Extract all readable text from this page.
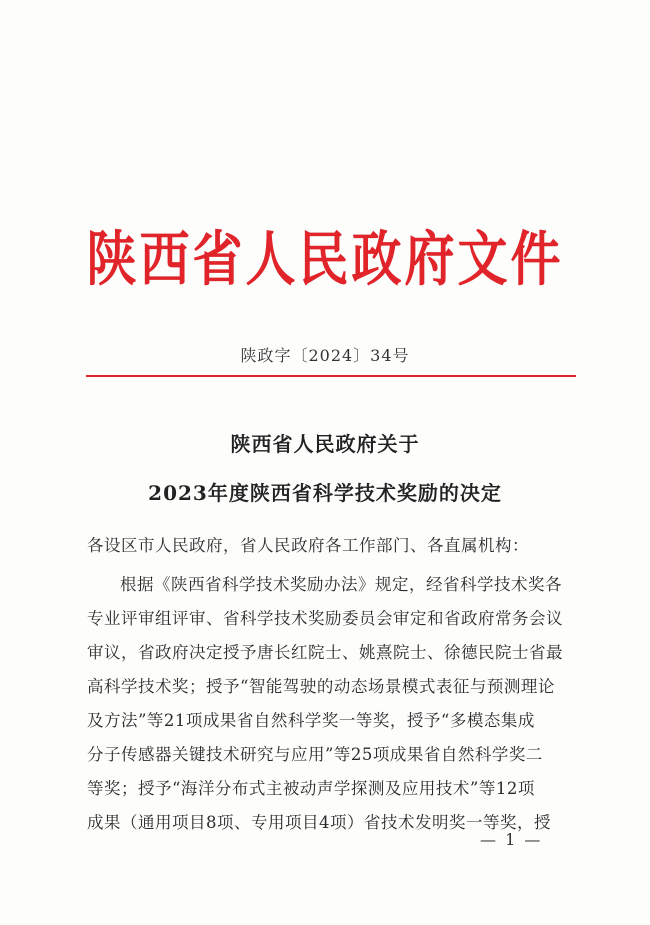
陕西省人民政府文件
陕政字〔2024〕34号
陕西省人民政府关于
2023年度陕西省科学技术奖励的决定
各设区市人民政府，省人民政府各工作部门、各直属机构：
根据《陕西省科学技术奖励办法》规定，经省科学技术奖各
专业评审组评审、省科学技术奖励委员会审定和省政府常务会议
审议，省政府决定授予唐长红院士、姚熹院士、徐德民院士省最
高科学技术奖；授予“智能驾驶的动态场景模式表征与预测理论
及方法”等21项成果省自然科学奖一等奖，授予“多模态集成
分子传感器关键技术研究与应用”等25项成果省自然科学奖二
等奖；授予“海洋分布式主被动声学探测及应用技术”等12项
成果（通用项目8项、专用项目4项）省技术发明奖一等奖，授
— 1 —
